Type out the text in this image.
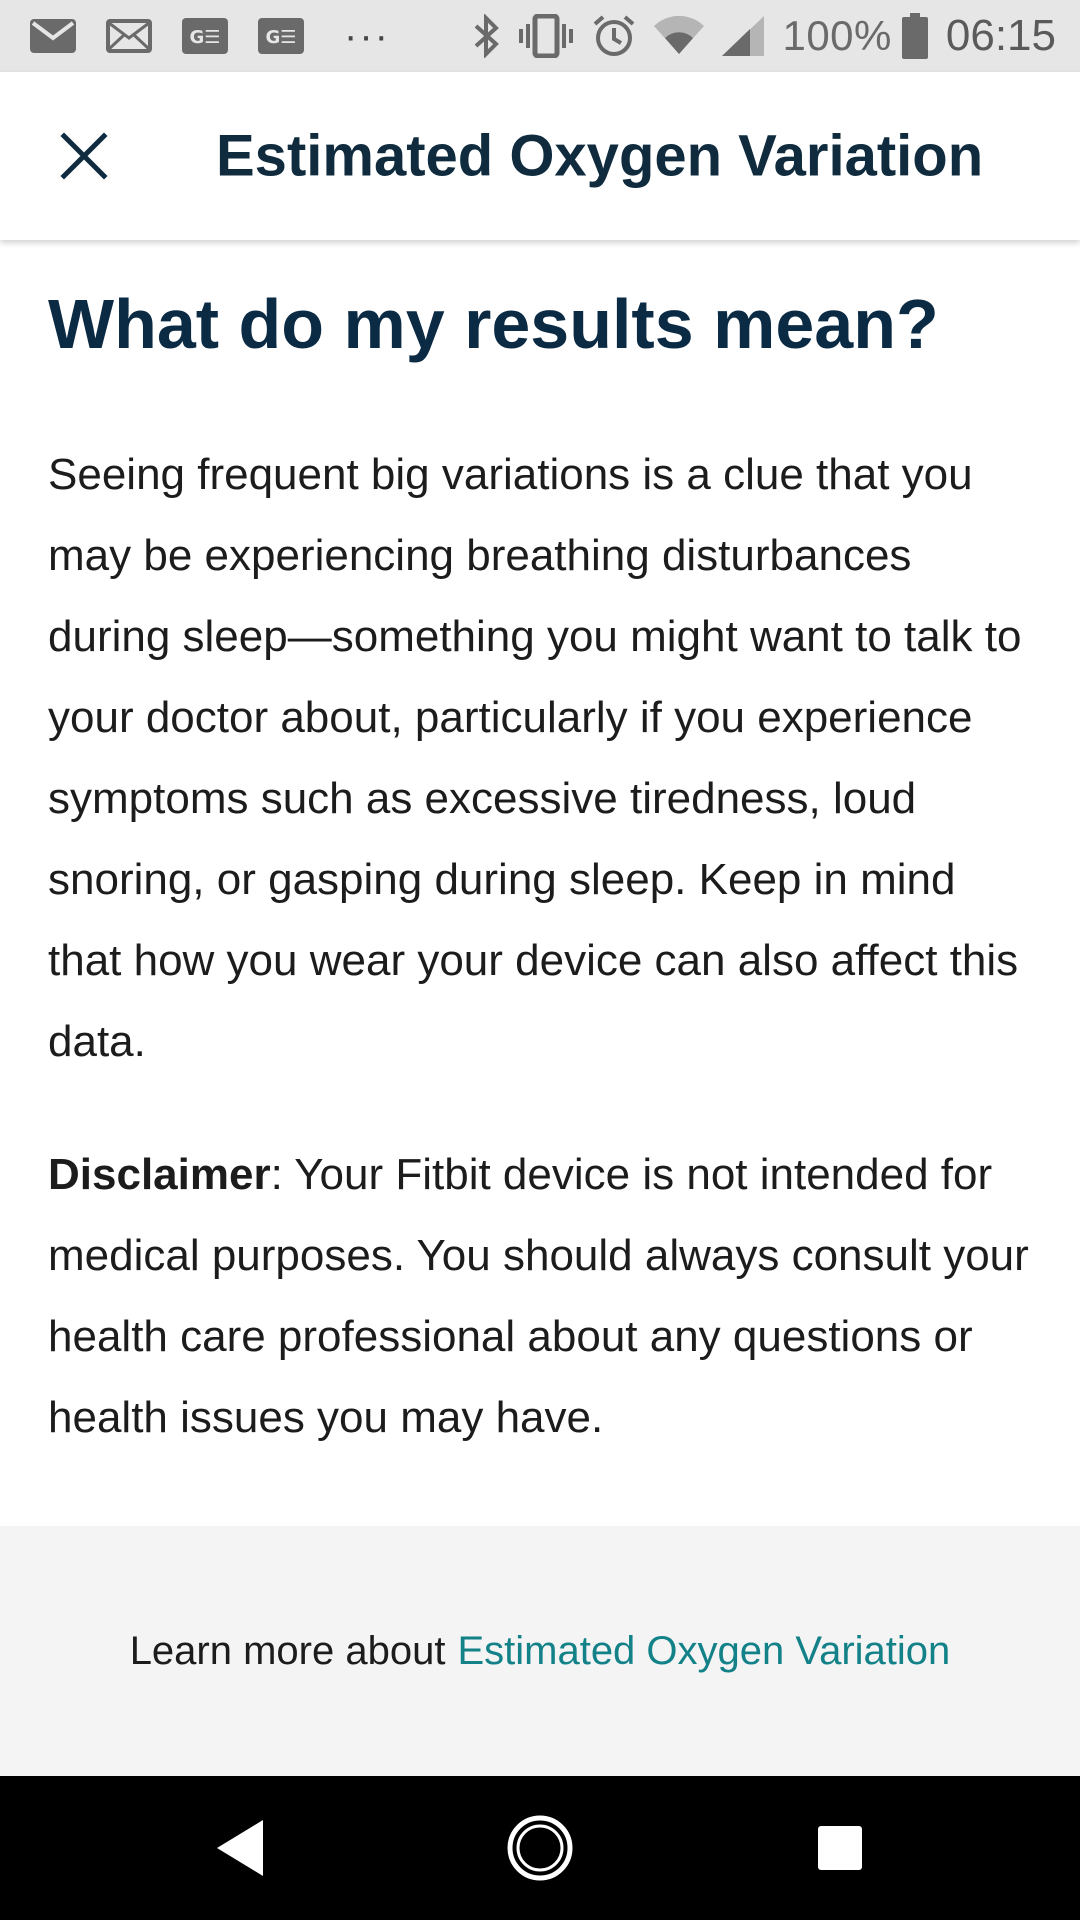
G☰	G☰ ···	100% 06:15
Estimated Oxygen Variation
What do my results mean?

Seeing frequent big variations is a clue that you may be experiencing breathing disturbances during sleep—something you might want to talk to your doctor about, particularly if you experience symptoms such as excessive tiredness, loud snoring, or gasping during sleep. Keep in mind that how you wear your device can also affect this data.

Disclaimer: Your Fitbit device is not intended for medical purposes. You should always consult your health care professional about any questions or health issues you may have.

Learn more about Estimated Oxygen Variation
